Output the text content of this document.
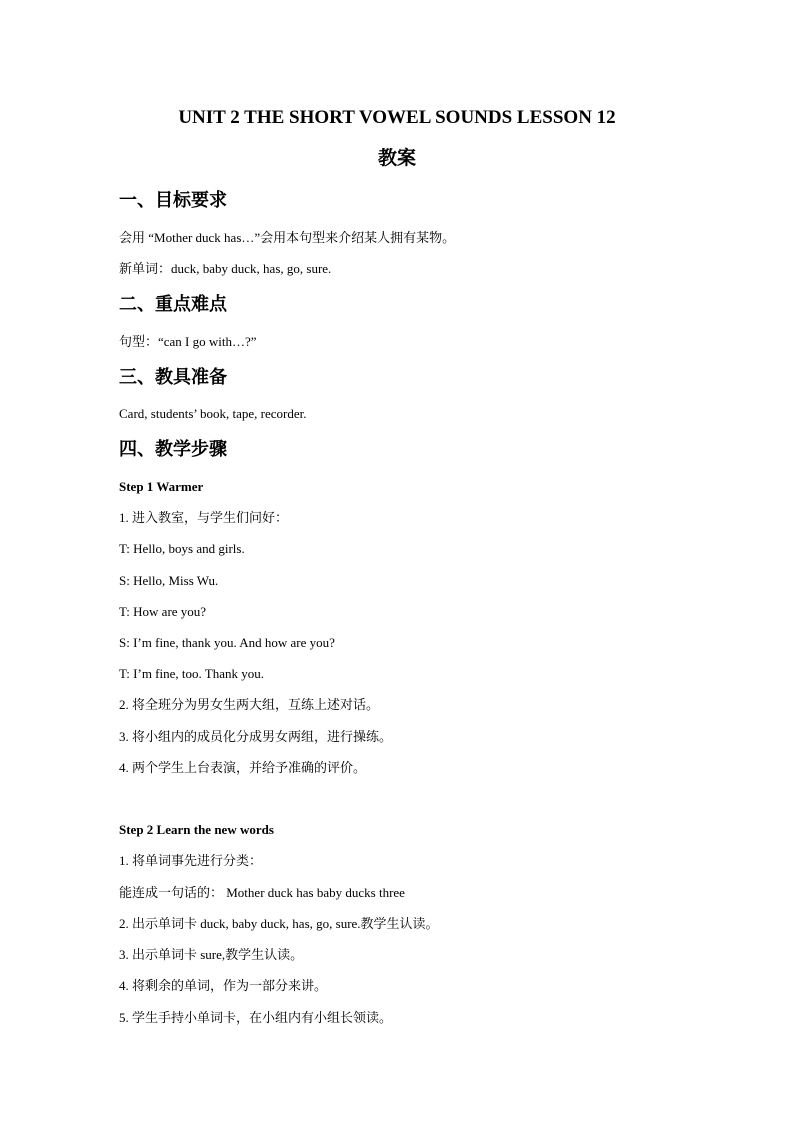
UNIT 2 THE SHORT VOWEL SOUNDS LESSON 12
教案
一、目标要求
会用 “Mother duck has…”会用本句型来介绍某人拥有某物。
新单词：duck, baby duck, has, go, sure.
二、重点难点
句型：“can I go with…?”
三、教具准备
Card, students’ book, tape, recorder.
四、教学步骤
Step 1 Warmer
1. 进入教室，与学生们问好：
T: Hello, boys and girls.
S: Hello, Miss Wu.
T: How are you?
S: I’m fine, thank you. And how are you?
T: I’m fine, too. Thank you.
2. 将全班分为男女生两大组，互练上述对话。
3. 将小组内的成员化分成男女两组，进行操练。
4. 两个学生上台表演，并给予准确的评价。
Step 2 Learn the new words
1. 将单词事先进行分类：
能连成一句话的： Mother duck has baby ducks three
2. 出示单词卡 duck, baby duck, has, go, sure.教学生认读。
3. 出示单词卡 sure,教学生认读。
4. 将剩余的单词，作为一部分来讲。
5. 学生手持小单词卡，在小组内有小组长领读。
